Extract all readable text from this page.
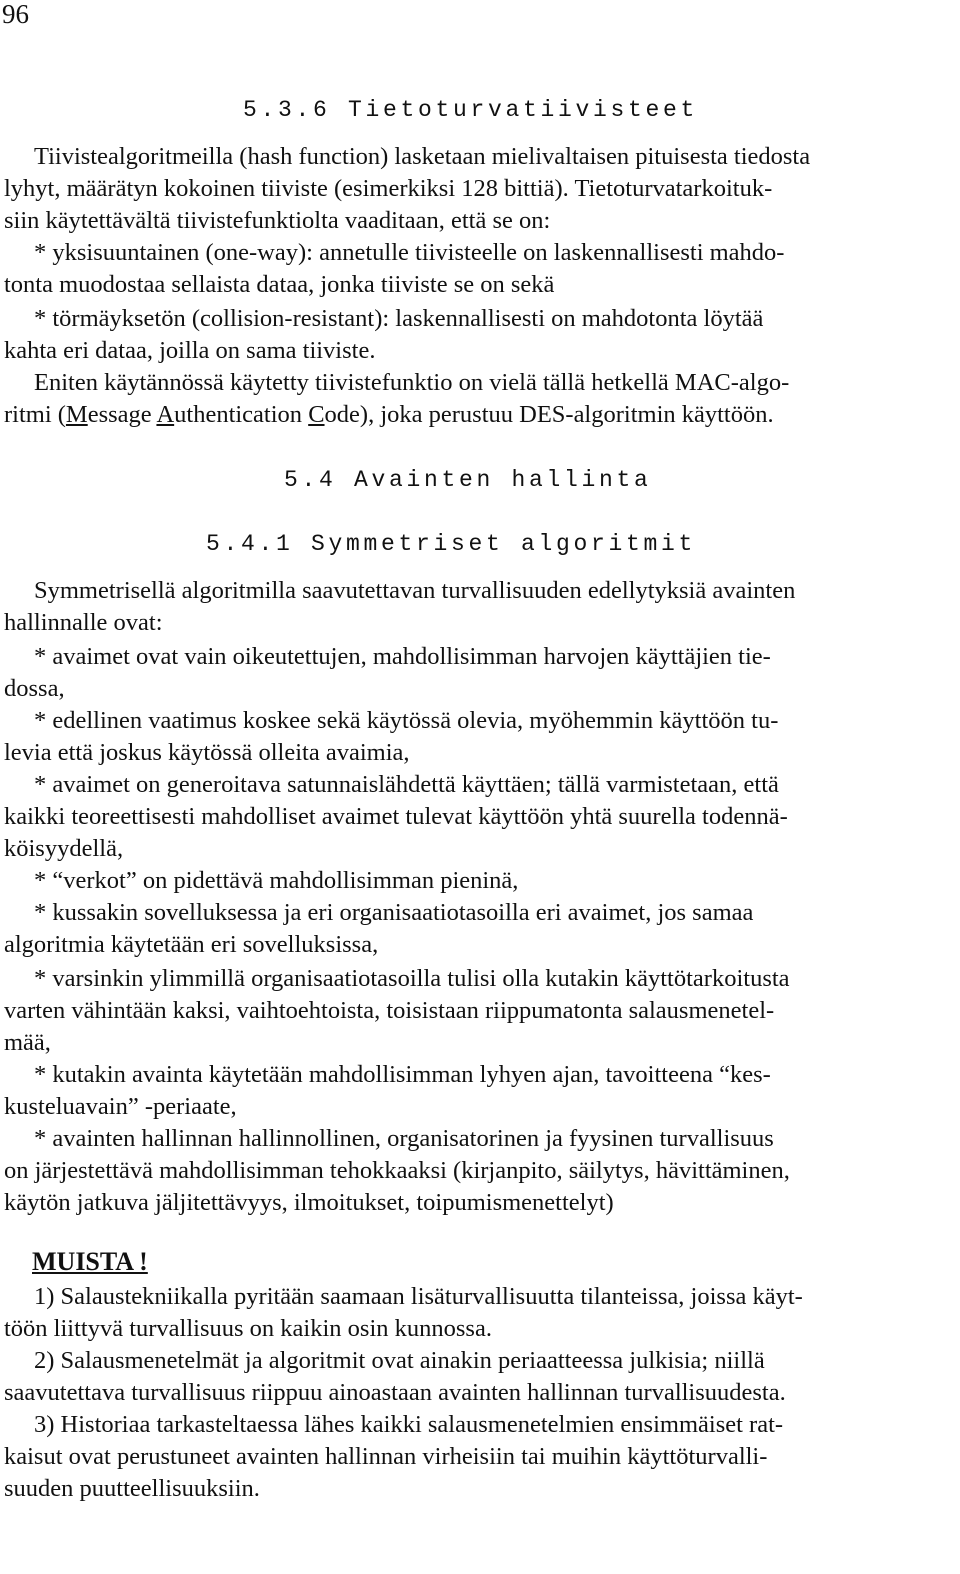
96
5.3.6 Tietoturvatiivisteet
Tiivistealgoritmeilla (hash function) lasketaan mielivaltaisen pituisesta tiedosta
lyhyt, määrätyn kokoinen tiiviste (esimerkiksi 128 bittiä). Tietoturvatarkoituk-
siin käytettävältä tiivistefunktiolta vaaditaan, että se on:
* yksisuuntainen (one-way): annetulle tiivisteelle on laskennallisesti mahdo-
tonta muodostaa sellaista dataa, jonka tiiviste se on sekä
* törmäyksetön (collision-resistant): laskennallisesti on mahdotonta löytää
kahta eri dataa, joilla on sama tiiviste.
Eniten käytännössä käytetty tiivistefunktio on vielä tällä hetkellä MAC-algo-
ritmi (Message Authentication Code), joka perustuu DES-algoritmin käyttöön.
5.4 Avainten hallinta
5.4.1 Symmetriset algoritmit
Symmetrisellä algoritmilla saavutettavan turvallisuuden edellytyksiä avainten
hallinnalle ovat:
* avaimet ovat vain oikeutettujen, mahdollisimman harvojen käyttäjien tie-
dossa,
* edellinen vaatimus koskee sekä käytössä olevia, myöhemmin käyttöön tu-
levia että joskus käytössä olleita avaimia,
* avaimet on generoitava satunnaislähdettä käyttäen; tällä varmistetaan, että
kaikki teoreettisesti mahdolliset avaimet tulevat käyttöön yhtä suurella todennä-
köisyydellä,
* “verkot” on pidettävä mahdollisimman pieninä,
* kussakin sovelluksessa ja eri organisaatiotasoilla eri avaimet, jos samaa
algoritmia käytetään eri sovelluksissa,
* varsinkin ylimmillä organisaatiotasoilla tulisi olla kutakin käyttötarkoitusta
varten vähintään kaksi, vaihtoehtoista, toisistaan riippumatonta salausmenetel-
mää,
* kutakin avainta käytetään mahdollisimman lyhyen ajan, tavoitteena “kes-
kusteluavain” -periaate,
* avainten hallinnan hallinnollinen, organisatorinen ja fyysinen turvallisuus
on järjestettävä mahdollisimman tehokkaaksi (kirjanpito, säilytys, hävittäminen,
käytön jatkuva jäljitettävyys, ilmoitukset, toipumismenettelyt)
MUISTA !
1) Salaustekniikalla pyritään saamaan lisäturvallisuutta tilanteissa, joissa käyt-
töön liittyvä turvallisuus on kaikin osin kunnossa.
2) Salausmenetelmät ja algoritmit ovat ainakin periaatteessa julkisia; niillä
saavutettava turvallisuus riippuu ainoastaan avainten hallinnan turvallisuudesta.
3) Historiaa tarkasteltaessa lähes kaikki salausmenetelmien ensimmäiset rat-
kaisut ovat perustuneet avainten hallinnan virheisiin tai muihin käyttöturvalli-
suuden puutteellisuuksiin.
